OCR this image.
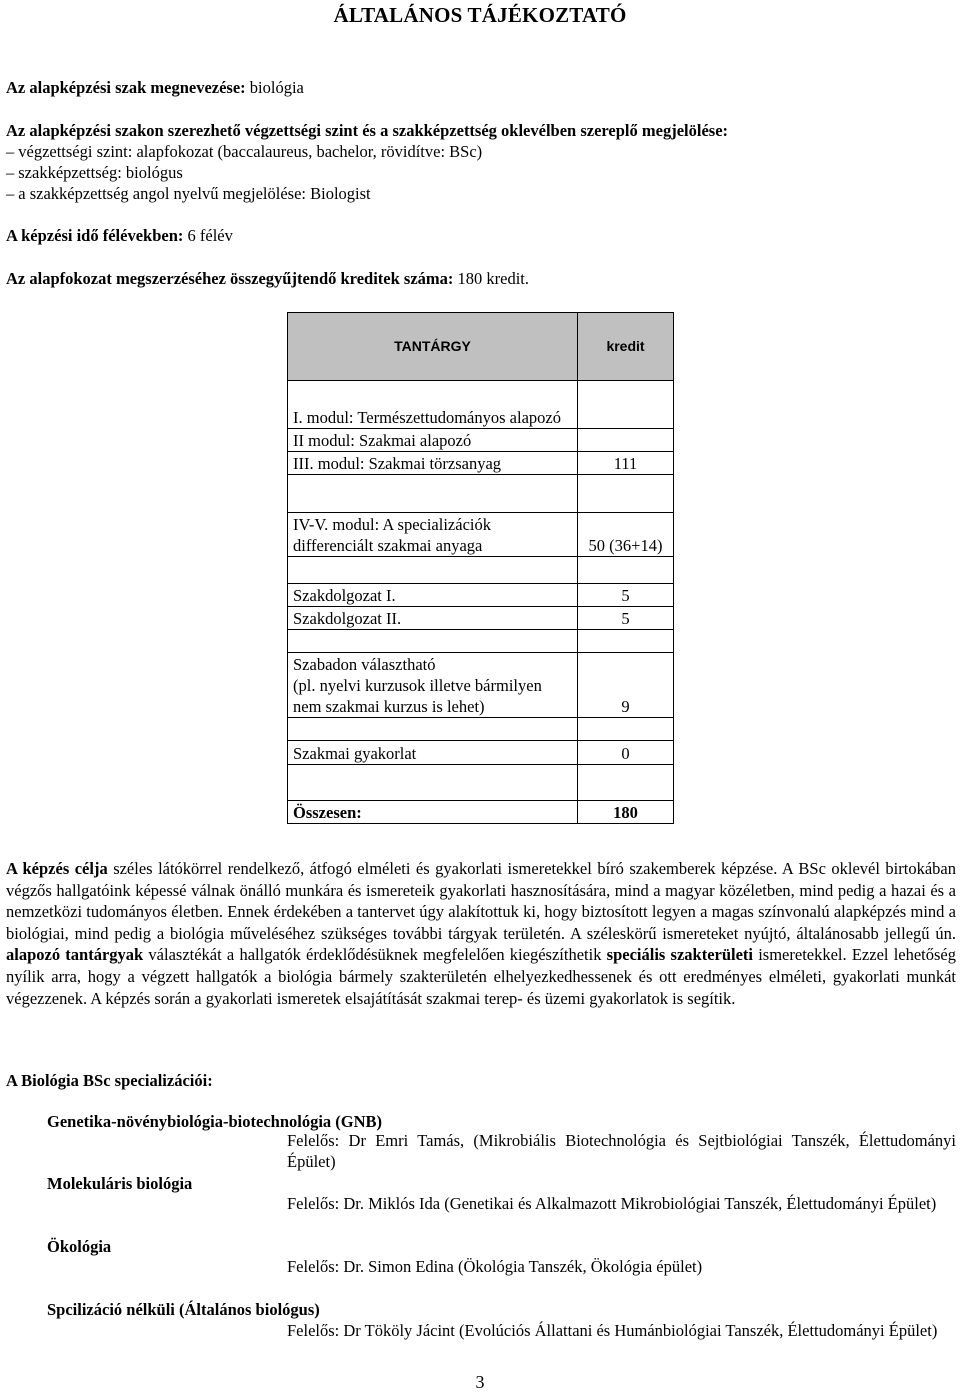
ÁLTALÁNOS TÁJÉKOZTATÓ
Az alapképzési szak megnevezése: biológia
Az alapképzési szakon szerezhető végzettségi szint és a szakképzettség oklevélben szereplő megjelölése:
– végzettségi szint: alapfokozat (baccalaureus, bachelor, rövidítve: BSc)
– szakképzettség: biológus
– a szakképzettség angol nyelvű megjelölése: Biologist
A képzési idő félévekben: 6 félév
Az alapfokozat megszerzéséhez összegyűjtendő kreditek száma: 180 kredit.
TANTÁRGY	kredit
I. modul: Természettudományos alapozó	
II modul: Szakmai alapozó	
III. modul: Szakmai törzsanyag	111

IV-V. modul: A specializációk
differenciált szakmai anyaga	50 (36+14)

Szakdolgozat I.	5
Szakdolgozat II.	5

Szabadon választható
(pl. nyelvi kurzusok illetve bármilyen
nem szakmai kurzus is lehet)	9

Szakmai gyakorlat	0

Összesen:	180
A képzés célja széles látókörrel rendelkező, átfogó elméleti és gyakorlati ismeretekkel bíró szakemberek képzése. A BSc oklevél birtokában végzős hallgatóink képessé válnak önálló munkára és ismereteik gyakorlati hasznosítására, mind a magyar közéletben, mind pedig a hazai és a nemzetközi tudományos életben. Ennek érdekében a tantervet úgy alakítottuk ki, hogy biztosított legyen a magas színvonalú alapképzés mind a biológiai, mind pedig a biológia műveléséhez szükséges további tárgyak területén. A széleskörű ismereteket nyújtó, általánosabb jellegű ún. alapozó tantárgyak választékát a hallgatók érdeklődésüknek megfelelően kiegészíthetik speciális szakterületi ismeretekkel. Ezzel lehetőség nyílik arra, hogy a végzett hallgatók a biológia bármely szakterületén elhelyezkedhessenek és ott eredményes elméleti, gyakorlati munkát végezzenek. A képzés során a gyakorlati ismeretek elsajátítását szakmai terep- és üzemi gyakorlatok is segítik.
A Biológia BSc specializációi:
Genetika-növénybiológia-biotechnológia (GNB)
Felelős: Dr Emri Tamás, (Mikrobiális Biotechnológia és Sejtbiológiai Tanszék, Élettudományi Épület)
Molekuláris biológia
Felelős: Dr. Miklós Ida (Genetikai és Alkalmazott Mikrobiológiai Tanszék, Élettudományi Épület)
Ökológia
Felelős: Dr. Simon Edina (Ökológia Tanszék, Ökológia épület)
Spcilizáció nélküli (Általános biológus)
Felelős: Dr Tököly Jácint (Evolúciós Állattani és Humánbiológiai Tanszék, Élettudományi Épület)
3
